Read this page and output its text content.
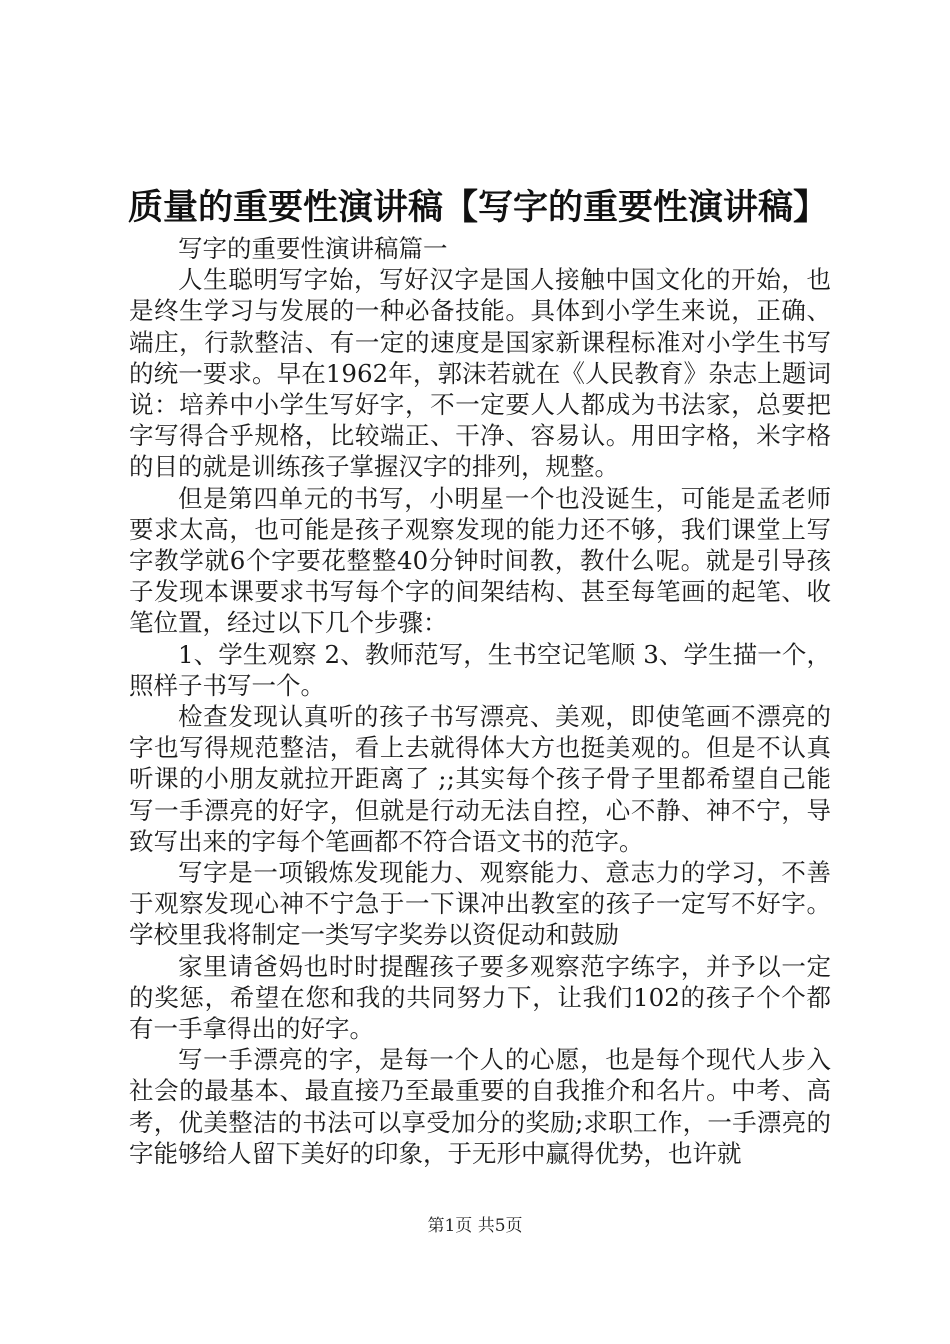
质量的重要性演讲稿【写字的重要性演讲稿】

写字的重要性演讲稿篇一

人生聪明写字始，写好汉字是国人接触中国文化的开始，也是终生学习与发展的一种必备技能。具体到小学生来说，正确、端庄，行款整洁、有一定的速度是国家新课程标准对小学生书写的统一要求。早在1962年，郭沫若就在《人民教育》杂志上题词说：培养中小学生写好字，不一定要人人都成为书法家，总要把字写得合乎规格，比较端正、干净、容易认。用田字格，米字格的目的就是训练孩子掌握汉字的排列，规整。

但是第四单元的书写，小明星一个也没诞生，可能是孟老师要求太高，也可能是孩子观察发现的能力还不够，我们课堂上写字教学就6个字要花整整40分钟时间教，教什么呢。就是引导孩子发现本课要求书写每个字的间架结构、甚至每笔画的起笔、收笔位置，经过以下几个步骤：

1、学生观察 2、教师范写，生书空记笔顺 3、学生描一个，照样子书写一个。

检查发现认真听的孩子书写漂亮、美观，即使笔画不漂亮的字也写得规范整洁，看上去就得体大方也挺美观的。但是不认真听课的小朋友就拉开距离了 ;;其实每个孩子骨子里都希望自己能写一手漂亮的好字，但就是行动无法自控，心不静、神不宁，导致写出来的字每个笔画都不符合语文书的范字。

写字是一项锻炼发现能力、观察能力、意志力的学习，不善于观察发现心神不宁急于一下课冲出教室的孩子一定写不好字。学校里我将制定一类写字奖券以资促动和鼓励

家里请爸妈也时时提醒孩子要多观察范字练字，并予以一定的奖惩，希望在您和我的共同努力下，让我们102的孩子个个都有一手拿得出的好字。

写一手漂亮的字，是每一个人的心愿，也是每个现代人步入社会的最基本、最直接乃至最重要的自我推介和名片。中考、高考，优美整洁的书法可以享受加分的奖励;求职工作，一手漂亮的字能够给人留下美好的印象，于无形中赢得优势，也许就

第1页 共5页
